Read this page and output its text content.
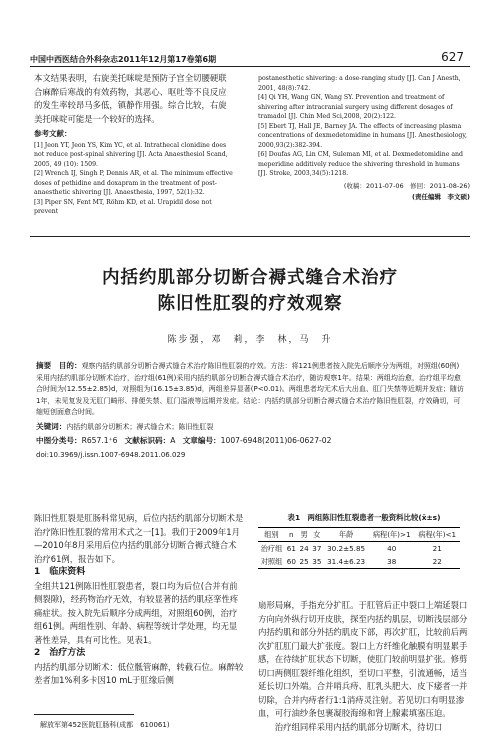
中国中西医结合外科杂志2011年12月第17卷第6期	627

本文结果表明，右旋美托咪啶是预防子宫全切腰硬联合麻醉后寒战的有效药物，其恶心、呕吐等不良反应的发生率较昂马多低，镇静作用强。综合比较，右旋美托咪啶可能是一个较好的选择。

参考文献：
[1] Jeon YT, Jeon YS, Kim YC, et al. Intrathecal clonidine does not reduce post-spinal shivering [J]. Acta Anaesthesiol Scand, 2005, 49 (10): 1509.
[2] Wrench IJ, Singh P, Dennis AR, et al. The minimum effective doses of pethidine and doxapram in the treatment of post-anaesthetic shivering [J]. Anaesthesia, 1997, 52(1):32.
[3] Piper SN, Fent MT, Röhm KD, et al. Urapidil dose not prevent
postanesthetic shivering: a dose-ranging study [J]. Can J Anesth, 2001, 48(8):742.
[4] Qi YH, Wang GN, Wang SY. Prevention and treatment of shivering after intracranial surgery using different dosages of tramadol [J]. Chin Med Sci,2008, 20(2):122.
[5] Ebert TJ, Hall JE, Barney JA. The effects of increasing plasma concentrations of dexmedetomidine in humans [J]. Anesthesiology, 2000,93(2):382-394.
[6] Doufas AG, Lin CM, Suleman MI, et al. Dexmedetomidine and meperidine additively reduce the shivering threshold in humans [J]. Stroke, 2003,34(5):1218.
(收稿：2011-07-06　修回：2011-08-26)
(责任编辑　李文硕)
内括约肌部分切断合褥式缝合术治疗
陈旧性肛裂的疗效观察
陈步强，邓　莉，李　林，马　升
摘要　目的：观察内括约肌部分切断合褥式缝合术治疗陈旧性肛裂的疗效。方法：将121例患者按入院先后顺序分为两组，对照组(60例)采用内括约肌部分切断术治疗，治疗组(61例)采用内括约肌部分切断合褥式缝合术治疗，随访观察1年。结果：两组均治愈，治疗组平均愈合时间为(12.55±2.85)d，对照组为(16.15±3.85)d，两组差异显著(P<0.01)。两组患者均无术后大出血、肛门失禁等近期并发症；随访1年，未见复发及无肛门畸形、排便失禁、肛门溢液等远期并发症。结论：内括约肌部分切断合褥式缝合术治疗陈旧性肛裂，疗效确切，可缩短创面愈合时间。
关键词：内括约肌部分切断术；褥式缝合术；陈旧性肛裂
中图分类号：R657.1⁺6 文献标识码：A 文章编号：1007-6948(2011)06-0627-02
doi:10.3969/j.issn.1007-6948.2011.06.029

陈旧性肛裂是肛肠科常见病，后位内括约肌部分切断术是治疗陈旧性肛裂的常用术式之一[1]。我们于2009年1月—2010年8月采用后位内括约肌部分切断合褥式缝合术治疗61例，报告如下。

1　临床资料

全组共121例陈旧性肛裂患者，裂口均为后位(合并有前侧裂隙)，经药物治疗无效，有较显著的括约肌痉挛性疼痛症状。按入院先后顺序分成两组，对照组60例，治疗组61例。两组性别、年龄、病程等统计学处理，均无显著性差异，具有可比性。见表1。

2　治疗方法

内括约肌部分切断术：低位骶管麻醉，转截石位。麻醉较差者加1%利多卡因10 mL于肛缘后侧

解放军第452医院肛肠科(成都　610061)
表1　两组陈旧性肛裂患者一般资料比较(x̄±s)
组别	n	男	女	年龄	病程(年)>1	病程(年)<1
治疗组	61	24	37	30.2±5.85	40	21
对照组	60	25	35	31.4±6.23	38	22

扇形局麻，手指充分扩肛。于肛管后正中裂口上端延裂口方向向外纵行切开皮肤，探至内括约肌层，切断浅层部分内括约肌和部分外括约肌皮下部，再次扩肛，比较前后两次扩肛肛门最大扩张度。裂口上方纤维化触膜有明显累手感，在待续扩肛状态下切断，使肛门较前明显扩张。修剪切口两侧肛裂纤维化组织，至切口平整，引流通畅，适当延长切口外端。合并哨兵痔、肛乳头肥大、皮下痿者一并切除，合并内痔者行1:1消痔灵注射。若见切口有明显渗血，可行油纱条包裹凝胶海绵和肾上腺素填塞压迫。

治疗组同样采用内括约肌部分切断术，待切口
